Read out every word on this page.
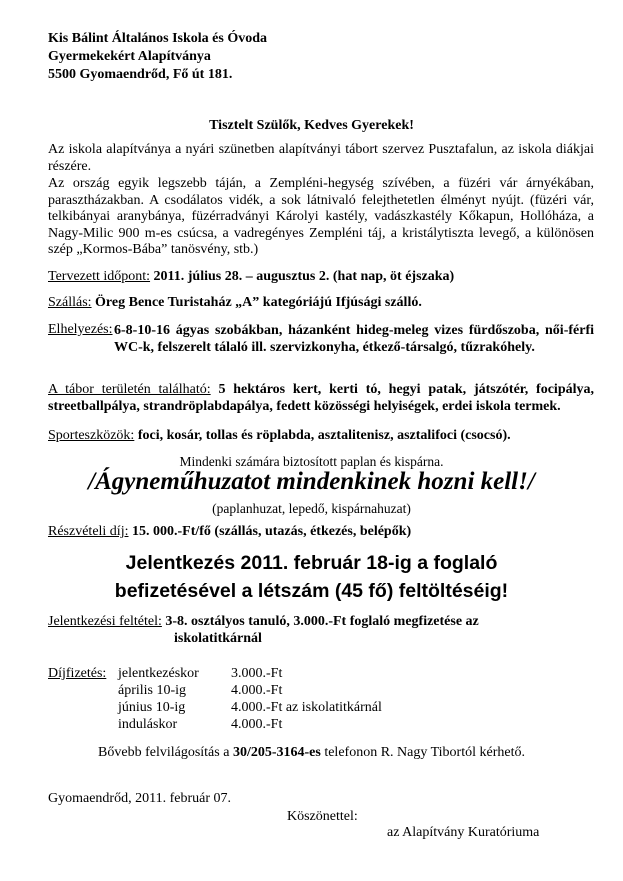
Kis Bálint Általános Iskola és Óvoda
Gyermekekért Alapítványa
5500 Gyomaendrőd, Fő út 181.
Tisztelt Szülők, Kedves Gyerekek!
Az iskola alapítványa a nyári szünetben alapítványi tábort szervez Pusztafalun, az iskola diákjai részére.
Az ország egyik legszebb táján, a Zempléni-hegység szívében, a füzéri vár árnyékában, parasztházakban. A csodálatos vidék, a sok látnivaló felejthetetlen élményt nyújt. (füzéri vár, telkibányai aranybánya, füzérradványi Károlyi kastély, vadászkastély Kőkapun, Hollóháza, a Nagy-Milic 900 m-es csúcsa, a vadregényes Zempléni táj, a kristálytiszta levegő, a különösen szép „Kormos-Bába” tanösvény, stb.)
Tervezett időpont: 2011. július 28. – augusztus 2. (hat nap, öt éjszaka)
Szállás: Öreg Bence Turistaház „A” kategóriájú Ifjúsági szálló.
Elhelyezés: 6-8-10-16 ágyas szobákban, házanként hideg-meleg vizes fürdőszoba, női-férfi WC-k, felszerelt tálaló ill. szervizkonyha, étkező-társalgó, tűzrakóhely.
A tábor területén található: 5 hektáros kert, kerti tó, hegyi patak, játszótér, focipálya, streetballpálya, strandröplabdapálya, fedett közösségi helyiségek, erdei iskola termek.
Sporteszközök: foci, kosár, tollas és röplabda, asztalitenisz, asztalifoci (csocsó).
Mindenki számára biztosított paplan és kispárna.
/Ágyneműhuzatot mindenkinek hozni kell!/
(paplanhuzat, lepedő, kispárnahuzat)
Részvételi díj: 15. 000.-Ft/fő (szállás, utazás, étkezés, belépők)
Jelentkezés 2011. február 18-ig a foglaló
befizetésével a létszám (45 fő) feltöltéséig!
Jelentkezési feltétel: 3-8. osztályos tanuló, 3.000.-Ft foglaló megfizetése az
iskolatitkárnál
Díjfizetés: jelentkezéskor 3.000.-Ft
április 10-ig	4.000.-Ft
június 10-ig	4.000.-Ft az iskolatitkárnál
induláskor	4.000.-Ft
Bővebb felvilágosítás a 30/205-3164-es telefonon R. Nagy Tibortól kérhető.
Gyomaendrőd, 2011. február 07.
Köszönettel:
az Alapítvány Kuratóriuma
